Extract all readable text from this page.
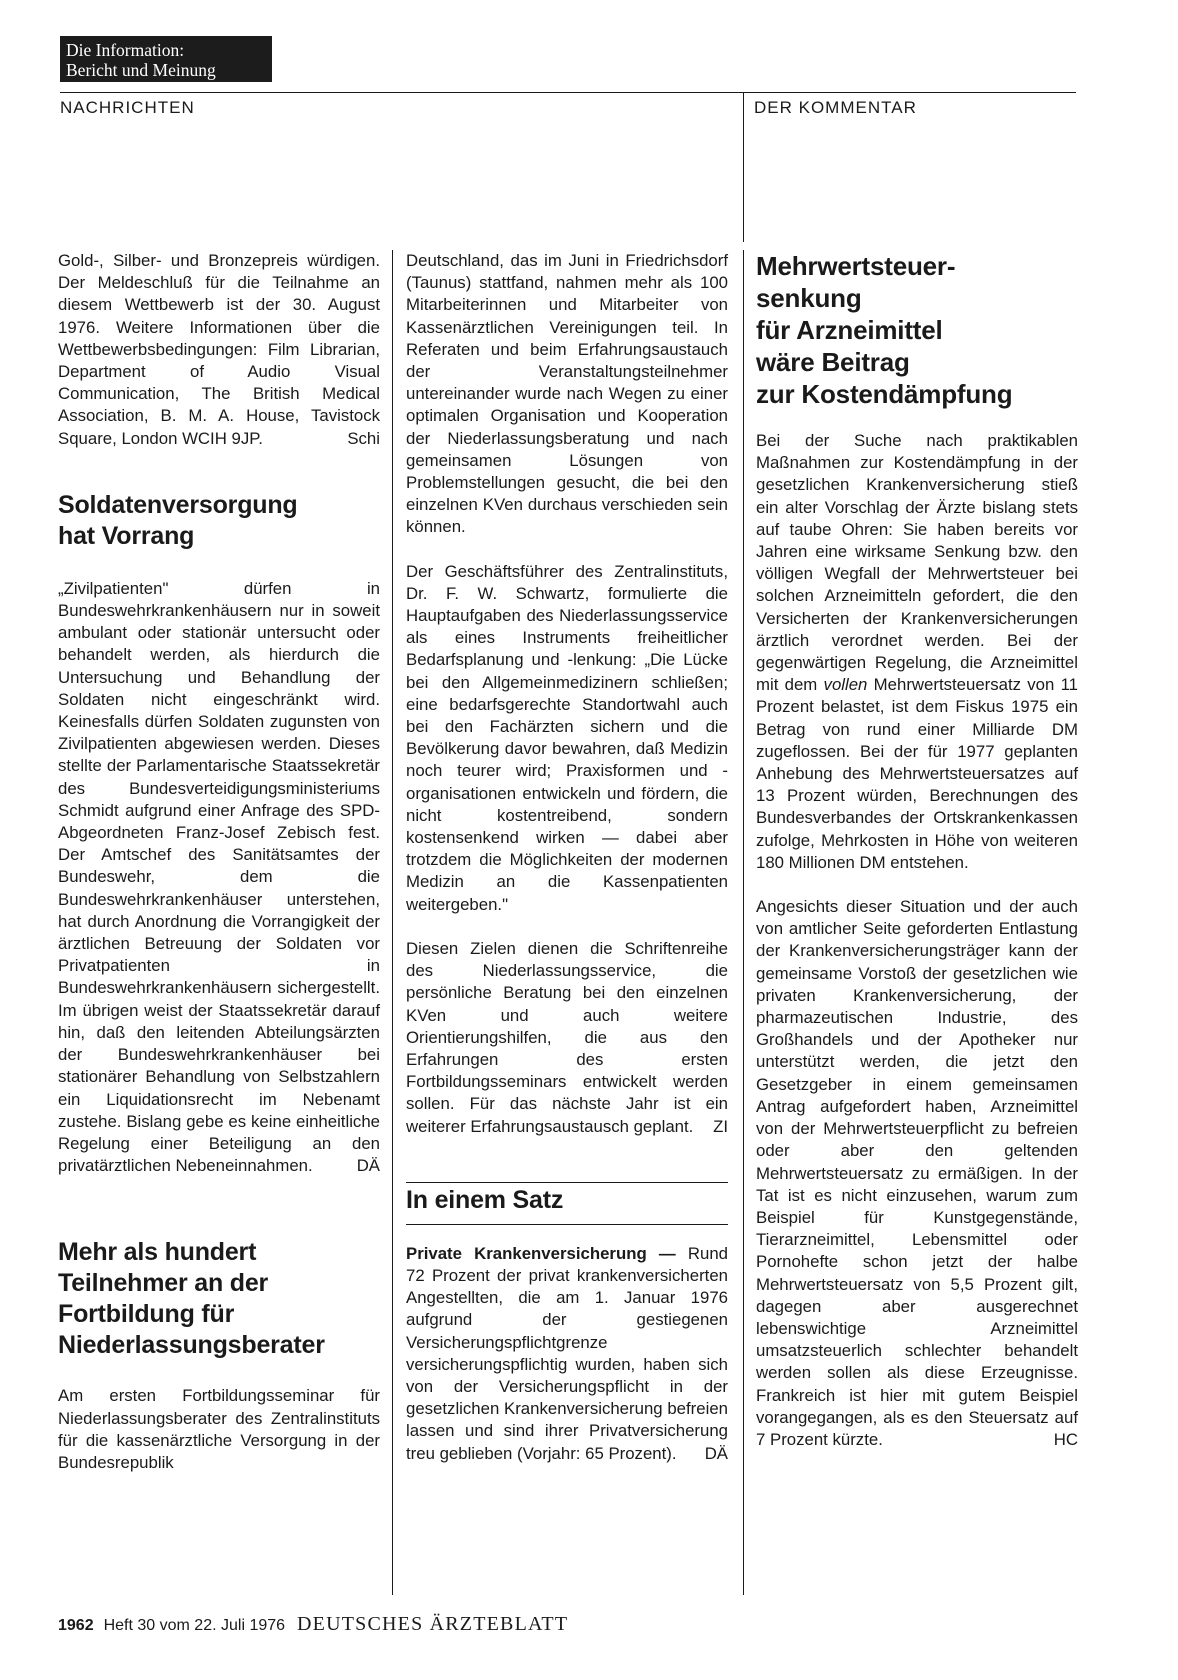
Die Information:
Bericht und Meinung
NACHRICHTEN	DER KOMMENTAR

Gold-, Silber- und Bronzepreis würdigen. Der Meldeschluß für die Teilnahme an diesem Wettbewerb ist der 30. August 1976. Weitere Informationen über die Wettbewerbsbedingungen: Film Librarian, Department of Audio Visual Communication, The British Medical Association, B. M. A. House, Tavistock Square, London WCIH 9JP.	Schi

Soldatenversorgung
hat Vorrang

„Zivilpatienten" dürfen in Bundeswehrkrankenhäusern nur in soweit ambulant oder stationär untersucht oder behandelt werden, als hierdurch die Untersuchung und Behandlung der Soldaten nicht eingeschränkt wird. Keinesfalls dürfen Soldaten zugunsten von Zivilpatienten abgewiesen werden. Dieses stellte der Parlamentarische Staatssekretär des Bundesverteidigungsministeriums Schmidt aufgrund einer Anfrage des SPD-Abgeordneten Franz-Josef Zebisch fest. Der Amtschef des Sanitätsamtes der Bundeswehr, dem die Bundeswehrkrankenhäuser unterstehen, hat durch Anordnung die Vorrangigkeit der ärztlichen Betreuung der Soldaten vor Privatpatienten in Bundeswehrkrankenhäusern sichergestellt. Im übrigen weist der Staatssekretär darauf hin, daß den leitenden Abteilungsärzten der Bundeswehrkrankenhäuser bei stationärer Behandlung von Selbstzahlern ein Liquidationsrecht im Nebenamt zustehe. Bislang gebe es keine einheitliche Regelung einer Beteiligung an den privatärztlichen Nebeneinnahmen.	DÄ

Mehr als hundert
Teilnehmer an der
Fortbildung für
Niederlassungsberater

Am ersten Fortbildungsseminar für Niederlassungsberater des Zentralinstituts für die kassenärztliche Versorgung in der Bundesrepublik

Deutschland, das im Juni in Friedrichsdorf (Taunus) stattfand, nahmen mehr als 100 Mitarbeiterinnen und Mitarbeiter von Kassenärztlichen Vereinigungen teil. In Referaten und beim Erfahrungsaustauch der Veranstaltungsteilnehmer untereinander wurde nach Wegen zu einer optimalen Organisation und Kooperation der Niederlassungsberatung und nach gemeinsamen Lösungen von Problemstellungen gesucht, die bei den einzelnen KVen durchaus verschieden sein können.

Der Geschäftsführer des Zentralinstituts, Dr. F. W. Schwartz, formulierte die Hauptaufgaben des Niederlassungsservice als eines Instruments freiheitlicher Bedarfsplanung und -lenkung: „Die Lücke bei den Allgemeinmedizinern schließen; eine bedarfsgerechte Standortwahl auch bei den Fachärzten sichern und die Bevölkerung davor bewahren, daß Medizin noch teurer wird; Praxisformen und -organisationen entwickeln und fördern, die nicht kostentreibend, sondern kostensenkend wirken — dabei aber trotzdem die Möglichkeiten der modernen Medizin an die Kassenpatienten weitergeben."

Diesen Zielen dienen die Schriftenreihe des Niederlassungsservice, die persönliche Beratung bei den einzelnen KVen und auch weitere Orientierungshilfen, die aus den Erfahrungen des ersten Fortbildungsseminars entwickelt werden sollen. Für das nächste Jahr ist ein weiterer Erfahrungsaustausch geplant. ZI

In einem Satz

Private Krankenversicherung — Rund 72 Prozent der privat krankenversicherten Angestellten, die am 1. Januar 1976 aufgrund der gestiegenen Versicherungspflichtgrenze versicherungspflichtig wurden, haben sich von der Versicherungspflicht in der gesetzlichen Krankenversicherung befreien lassen und sind ihrer Privatversicherung treu geblieben (Vorjahr: 65 Prozent). DÄ

Mehrwertsteuer-
senkung
für Arzneimittel
wäre Beitrag
zur Kostendämpfung

Bei der Suche nach praktikablen Maßnahmen zur Kostendämpfung in der gesetzlichen Krankenversicherung stieß ein alter Vorschlag der Ärzte bislang stets auf taube Ohren: Sie haben bereits vor Jahren eine wirksame Senkung bzw. den völligen Wegfall der Mehrwertsteuer bei solchen Arzneimitteln gefordert, die den Versicherten der Krankenversicherungen ärztlich verordnet werden. Bei der gegenwärtigen Regelung, die Arzneimittel mit dem vollen Mehrwertsteuersatz von 11 Prozent belastet, ist dem Fiskus 1975 ein Betrag von rund einer Milliarde DM zugeflossen. Bei der für 1977 geplanten Anhebung des Mehrwertsteuersatzes auf 13 Prozent würden, Berechnungen des Bundesverbandes der Ortskrankenkassen zufolge, Mehrkosten in Höhe von weiteren 180 Millionen DM entstehen.

Angesichts dieser Situation und der auch von amtlicher Seite geforderten Entlastung der Krankenversicherungsträger kann der gemeinsame Vorstoß der gesetzlichen wie privaten Krankenversicherung, der pharmazeutischen Industrie, des Großhandels und der Apotheker nur unterstützt werden, die jetzt den Gesetzgeber in einem gemeinsamen Antrag aufgefordert haben, Arzneimittel von der Mehrwertsteuerpflicht zu befreien oder aber den geltenden Mehrwertsteuersatz zu ermäßigen. In der Tat ist es nicht einzusehen, warum zum Beispiel für Kunstgegenstände, Tierarzneimittel, Lebensmittel oder Pornohefte schon jetzt der halbe Mehrwertsteuersatz von 5,5 Prozent gilt, dagegen aber ausgerechnet lebenswichtige Arzneimittel umsatzsteuerlich schlechter behandelt werden sollen als diese Erzeugnisse. Frankreich ist hier mit gutem Beispiel vorangegangen, als es den Steuersatz auf 7 Prozent kürzte.	HC

1962 Heft 30 vom 22. Juli 1976 DEUTSCHES ÄRZTEBLATT
